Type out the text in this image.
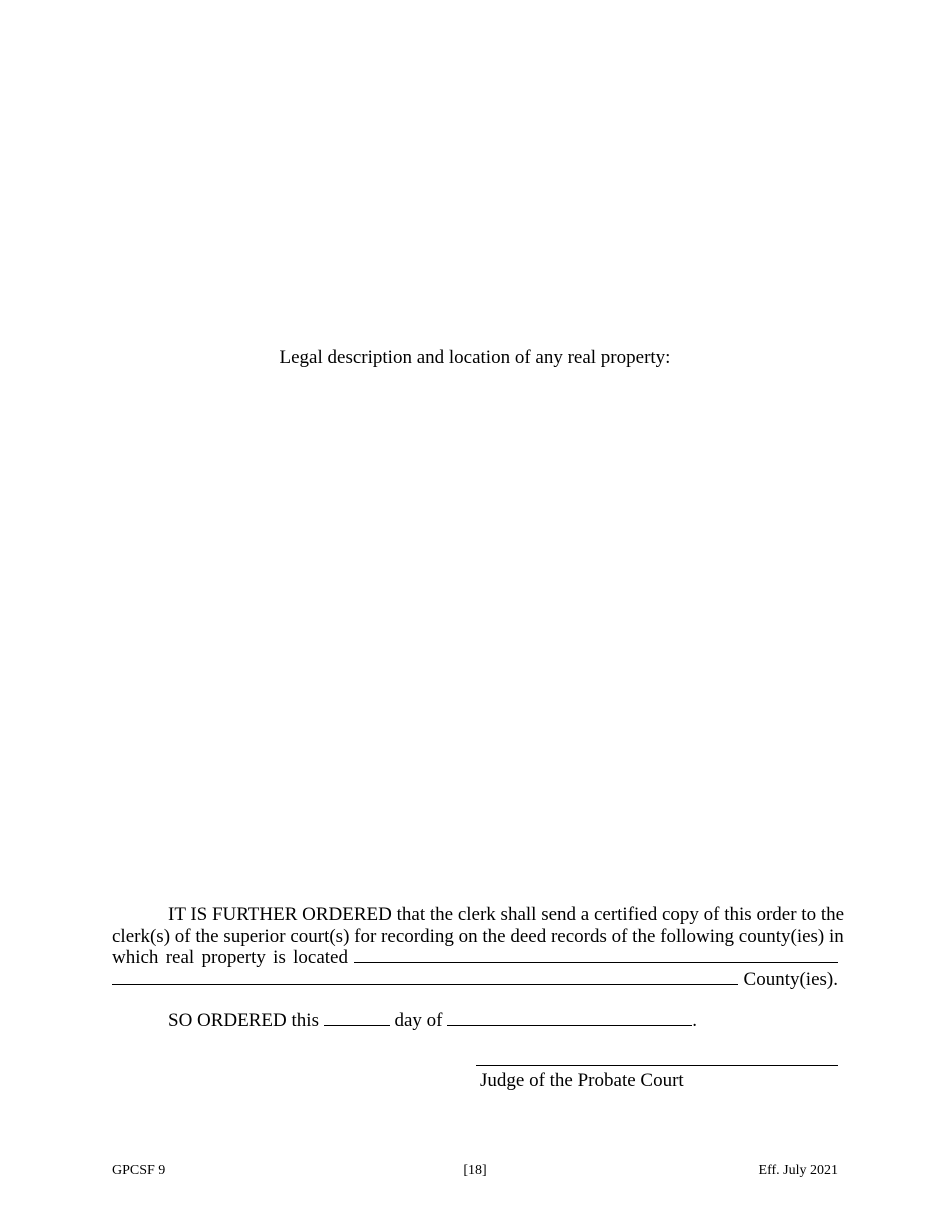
Legal description and location of any real property:
IT IS FURTHER ORDERED that the clerk shall send a certified copy of this order to the
clerk(s) of the superior court(s) for recording on the deed records of the following county(ies) in
which real property is located
County(ies).
SO ORDERED this	day of	.
Judge of the Probate Court
GPCSF 9	[18]	Eff. July 2021
